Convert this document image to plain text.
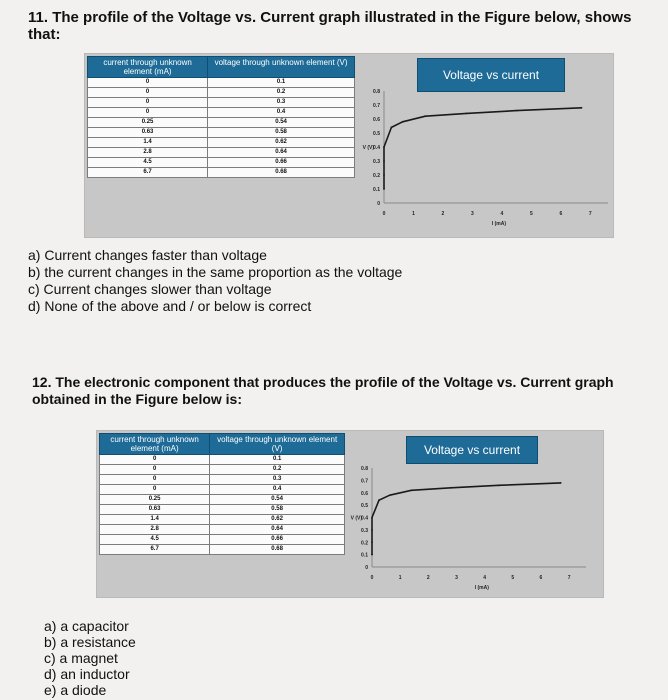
11. The profile of the Voltage vs. Current graph illustrated in the Figure below, shows that:
current through unknown element (mA)	voltage through unknown element (V)
0	0.1
0	0.2
0	0.3
0	0.4
0.25	0.54
0.63	0.58
1.4	0.62
2.8	0.64
4.5	0.66
6.7	0.68
Voltage vs current
0
0.1
0.2
0.3
0.4
0.5
0.6
0.7
0.8
0	1	2	3	4	5	6	7
V (V)
I (mA)
a) Current changes faster than voltage
b) the current changes in the same proportion as the voltage
c) Current changes slower than voltage
d) None of the above and / or below is correct
12. The electronic component that produces the profile of the Voltage vs. Current graph
obtained in the Figure below is:
current through unknown element (mA)	voltage through unknown element (V)
0	0.1
0	0.2
0	0.3
0	0.4
0.25	0.54
0.63	0.58
1.4	0.62
2.8	0.64
4.5	0.66
6.7	0.68
Voltage vs current
0
0.1
0.2
0.3
0.4
0.5
0.6
0.7
0.8
0	1	2	3	4	5	6	7
V (V)
I (mA)
a) a capacitor
b) a resistance
c) a magnet
d) an inductor
e) a diode
